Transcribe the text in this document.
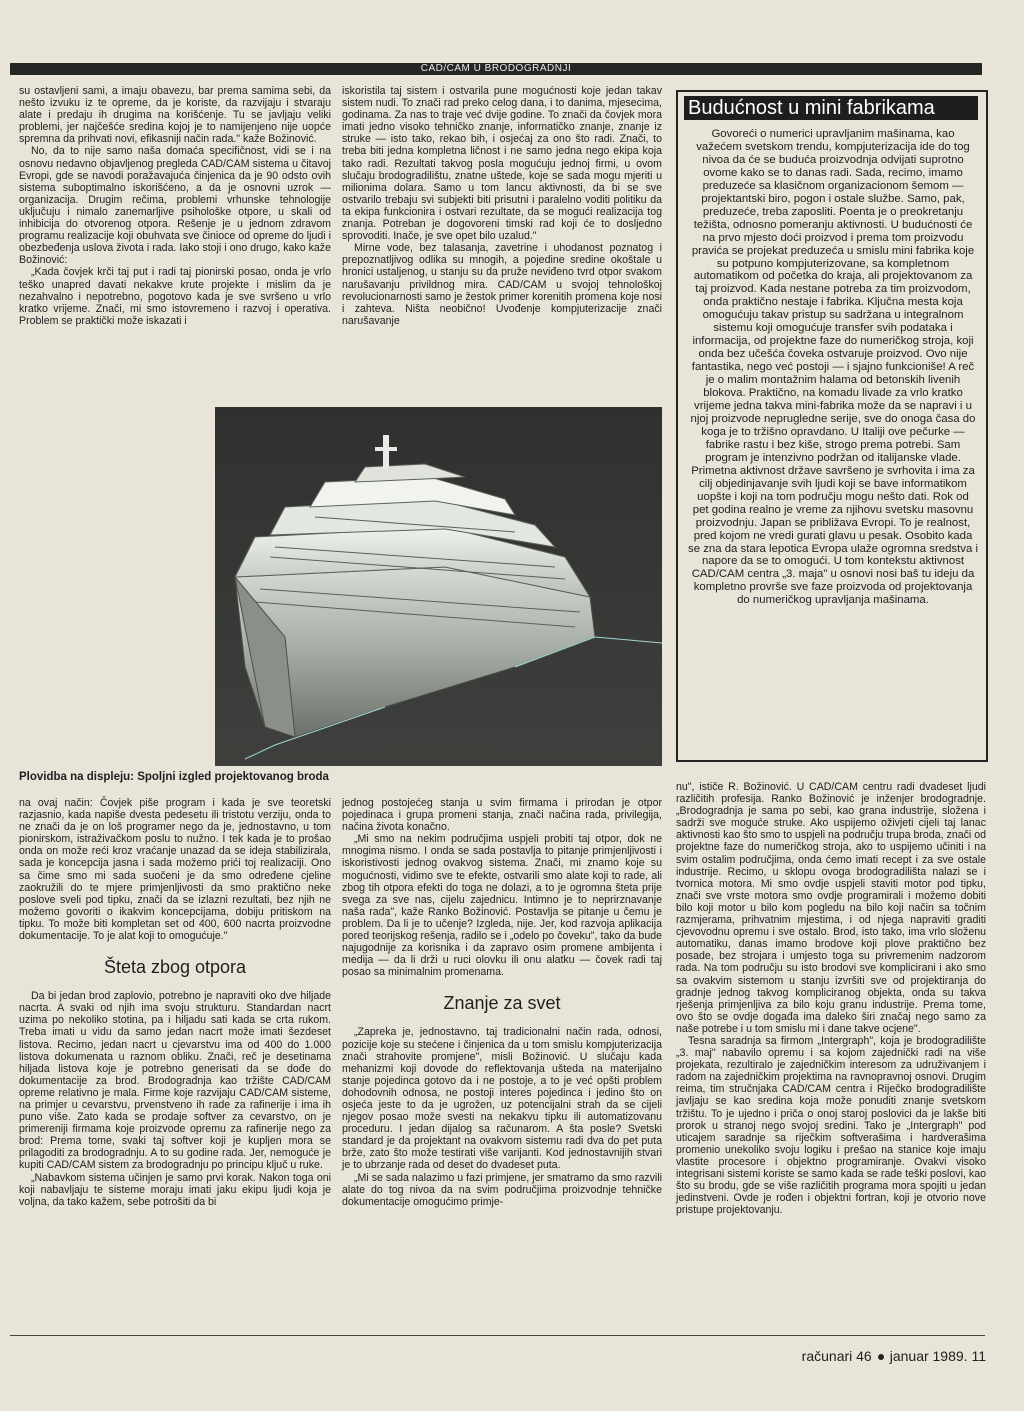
CAD/CAM U BRODOGRADNJI

su ostavljeni sami, a imaju obavezu, bar prema samima sebi, da nešto izvuku iz te opreme, da je koriste, da razvijaju i stvaraju alate i predaju ih drugima na korišćenje. Tu se javljaju veliki problemi, jer najčešće sredina kojoj je to namijenjeno nije uopće spremna da prihvati novi, efikasniji način rada." kaže Božinović.

No, da to nije samo naša domaća specifičnost, vidi se i na osnovu nedavno objavljenog pregleda CAD/CAM sistema u čitavoj Evropi, gde se navodi poražavajuća činjenica da je 90 odsto ovih sistema suboptimalno iskorišćeno, a da je osnovni uzrok — organizacija. Drugim rečima, problemi vrhunske tehnologije uključuju i nimalo zanemarljive psihološke otpore, u skali od inhibicija do otvorenog otpora. Rešenje je u jednom zdravom programu realizacije koji obuhvata sve činioce od opreme do ljudi i obezbeđenja uslova života i rada. Iako stoji i ono drugo, kako kaže Božinović:

„Kada čovjek krči taj put i radi taj pionirski posao, onda je vrlo teško unapred davati nekakve krute projekte i mislim da je nezahvalno i nepotrebno, pogotovo kada je sve svršeno u vrlo kratko vrijeme. Znači, mi smo istovremeno i razvoj i operativa. Problem se praktički može iskazati i

iskoristila taj sistem i ostvarila pune mogućnosti koje jedan takav sistem nudi. To znači rad preko celog dana, i to danima, mjesecima, godinama. Za nas to traje već dvije godine. To znači da čovjek mora imati jedno visoko tehničko znanje, informatičko znanje, znanje iz struke — isto tako, rekao bih, i osjećaj za ono što radi. Znači, to treba biti jedna kompletna ličnost i ne samo jedna nego ekipa koja tako radi. Rezultati takvog posla mogućuju jednoj firmi, u ovom slučaju brodogradilištu, znatne uštede, koje se sada mogu mjeriti u milionima dolara. Samo u tom lancu aktivnosti, da bi se sve ostvarilo trebaju svi subjekti biti prisutni i paralelno voditi politiku da ta ekipa funkcionira i ostvari rezultate, da se mogući realizacija tog znanja. Potreban je dogovoreni timski rad koji će to dosljedno sprovoditi. Inače, je sve opet bilo uzalud."

Mirne vode, bez talasanja, zavetrine i uhodanost poznatog i prepoznatljivog odlika su mnogih, a pojedine sredine okoštale u hronici ustaljenog, u stanju su da pruže neviđeno tvrd otpor svakom narušavanju privildnog mira. CAD/CAM u svojoj tehnološkoj revolucionarnosti samo je žestok primer korenitih promena koje nosi i zahteva. Ništa neobično! Uvođenje kompjuterizacije znači narušavanje

Budućnost u mini fabrikama

Govoreći o numerici upravljanim mašinama, kao važećem svetskom trendu, kompjuterizacija ide do tog nivoa da će se buduća proizvodnja odvijati suprotno ovome kako se to danas radi. Sada, recimo, imamo preduzeće sa klasičnom organizacionom šemom — projektantski biro, pogon i ostale službe. Samo, pak, preduzeće, treba zaposliti. Poenta je o preokretanju težišta, odnosno pomeranju aktivnosti. U budućnosti će na prvo mjesto doći proizvod i prema tom proizvodu pravića se projekat preduzeća u smislu mini fabrika koje su potpuno kompjuterizovane, sa kompletnom automatikom od početka do kraja, ali projektovanom za taj proizvod. Kada nestane potreba za tim proizvodom, onda praktično nestaje i fabrika. Ključna mesta koja omogućuju takav pristup su sadržana u integralnom sistemu koji omogućuje transfer svih podataka i informacija, od projektne faze do numeričkog stroja, koji onda bez učešća čoveka ostvaruje proizvod. Ovo nije fantastika, nego već postoji — i sjajno funkcioniše! A reč je o malim montažnim halama od betonskih livenih blokova. Praktično, na komadu livade za vrlo kratko vrijeme jedna takva mini-fabrika može da se napravi i u njoj proizvode neprugledne serije, sve do onoga časa do koga je to tržišno opravdano. U Italiji ove pečurke — fabrike rastu i bez kiše, strogo prema potrebi. Sam program je intenzivno podržan od italijanske vlade. Primetna aktivnost države savršeno je svrhovita i ima za cilj objedinjavanje svih ljudi koji se bave informatikom uopšte i koji na tom području mogu nešto dati. Rok od pet godina realno je vreme za njihovu svetsku masovnu proizvodnju. Japan se približava Evropi. To je realnost, pred kojom ne vredi gurati glavu u pesak. Osobito kada se zna da stara lepotica Evropa ulaže ogromna sredstva i napore da se to omogući. U tom kontekstu aktivnost CAD/CAM centra „3. maja" u osnovi nosi baš tu ideju da kompletno provrše sve faze proizvoda od projektovanja do numeričkog upravljanja mašinama.

Plovidba na displeju: Spoljni izgled projektovanog broda

na ovaj način: Čovjek piše program i kada je sve teoretski razjasnio, kada napiše dvesta pedesetu ili tristotu verziju, onda to ne znači da je on loš programer nego da je, jednostavno, u tom pionirskom, istraživačkom poslu to nužno. I tek kada je to prošao onda on može reći kroz vraćanje unazad da se ideja stabilizirala, sada je koncepcija jasna i sada možemo prići toj realizaciji. Ono sa čime smo mi sada suočeni je da smo određene cjeline zaokružili do te mjere primjenljivosti da smo praktično neke poslove sveli pod tipku, znači da se izlazni rezultati, bez njih ne možemo govoriti o ikakvim koncepcijama, dobiju pritiskom na tipku. To može biti kompletan set od 400, 600 nacrta proizvodne dokumentacije. To je alat koji to omogućuje."

Šteta zbog otpora

Da bi jedan brod zaplovio, potrebno je napraviti oko dve hiljade nacrta. A svaki od njih ima svoju strukturu. Standardan nacrt uzima po nekoliko stotina, pa i hiljadu sati kada se crta rukom. Treba imati u vidu da samo jedan nacrt može imati šezdeset listova. Recimo, jedan nacrt u cjevarstvu ima od 400 do 1.000 listova dokumenata u raznom obliku. Znači, reč je desetinama hiljada listova koje je potrebno generisati da se dođe do dokumentacije za brod. Brodogradnja kao tržište CAD/CAM opreme relativno je mala. Firme koje razvijaju CAD/CAM sisteme, na primjer u cevarstvu, prvenstveno ih rade za rafinerije i ima ih puno više. Zato kada se prodaje softver za cevarstvo, on je primereniji firmama koje proizvode opremu za rafinerije nego za brod: Prema tome, svaki taj softver koji je kupljen mora se prilagoditi za brodogradnju. A to su godine rada. Jer, nemoguće je kupiti CAD/CAM sistem za brodogradnju po principu ključ u ruke.

„Nabavkom sistema učinjen je samo prvi korak. Nakon toga oni koji nabavljaju te sisteme moraju imati jaku ekipu ljudi koja je voljna, da tako kažem, sebe potrošiti da bi

jednog postojećeg stanja u svim firmama i prirodan je otpor pojedinaca i grupa promeni stanja, znači načina rada, privilegija, načina života konačno.

„Mi smo na nekim područjima uspjeli probiti taj otpor, dok ne mnogima nismo. I onda se sada postavlja to pitanje primjenljivosti i iskoristivosti jednog ovakvog sistema. Znači, mi znamo koje su mogućnosti, vidimo sve te efekte, ostvarili smo alate koji to rade, ali zbog tih otpora efekti do toga ne dolazi, a to je ogromna šteta prije svega za sve nas, cijelu zajednicu. Intimno je to neprirznavanje naša rada", kaže Ranko Božinović. Postavlja se pitanje u čemu je problem. Da li je to učenje? Izgleda, nije. Jer, kod razvoja aplikacija pored teorijskog rešenja, radilo se i „odelo po čoveku", tako da bude najugodnije za korisnika i da zapravo osim promene ambijenta i medija — da li drži u ruci olovku ili onu alatku — čovek radi taj posao sa minimalnim promenama.

Znanje za svet

„Zapreka je, jednostavno, taj tradicionalni način rada, odnosi, pozicije koje su stećene i činjenica da u tom smislu kompjuterizacija znači strahovite promjene", misli Božinović. U slučaju kada mehanizmi koji dovode do reflektovanja ušteda na materijalno stanje pojedinca gotovo da i ne postoje, a to je već opšti problem dohodovnih odnosa, ne postoji interes pojedinca i jedino što on osjeća jeste to da je ugrožen, uz potencijalni strah da se cijeli njegov posao može svesti na nekakvu tipku ili automatizovanu proceduru. I jedan dijalog sa računarom. A šta posle? Svetski standard je da projektant na ovakvom sistemu radi dva do pet puta brže, zato što može testirati više varijanti. Kod jednostavnijih stvari je to ubrzanje rada od deset do dvadeset puta.

„Mi se sada nalazimo u fazi primjene, jer smatramo da smo razvili alate do tog nivoa da na svim područjima proizvodnje tehničke dokumentacije omogućimo primje-

nu", ističe R. Božinović. U CAD/CAM centru radi dvadeset ljudi različitih profesija. Ranko Božinović je inženjer brodogradnje. „Brodogradnja je sama po sebi, kao grana industrije, složena i sadrži sve moguće struke. Ako uspijemo oživjeti cijeli taj lanac aktivnosti kao što smo to uspjeli na području trupa broda, znači od projektne faze do numeričkog stroja, ako to uspijemo učiniti i na svim ostalim područjima, onda ćemo imati recept i za sve ostale industrije. Recimo, u sklopu ovoga brodogradilišta nalazi se i tvornica motora. Mi smo ovdje uspjeli staviti motor pod tipku, znači sve vrste motora smo ovdje programirali i možemo dobiti bilo koji motor u bilo kom pogledu na bilo koji način sa točnim razmjerama, prihvatnim mjestima, i od njega napraviti graditi cjevovodnu opremu i sve ostalo. Brod, isto tako, ima vrlo složenu automatiku, danas imamo brodove koji plove praktično bez posade, bez strojara i umjesto toga su privremenim nadzorom rada. Na tom području su isto brodovi sve komplicirani i ako smo sa ovakvim sistemom u stanju izvršiti sve od projektiranja do gradnje jednog takvog kompliciranog objekta, onda su takva rješenja primjenljiva za bilo koju granu industrije. Prema tome, ovo što se ovdje događa ima daleko širi značaj nego samo za naše potrebe i u tom smislu mi i dane takve ocjene".

Tesna saradnja sa firmom „Intergraph", koja je brodogradilište „3. maj" nabavilo opremu i sa kojom zajednički radi na više projekata, rezultiralo je zajedničkim interesom za udruživanjem i radom na zajedničkim projektima na ravnopravnoj osnovi. Drugim reima, tim stručnjaka CAD/CAM centra i Riječko brodogradilište javljaju se kao sredina koja može ponuditi znanje svetskom tržištu. To je ujedno i priča o onoj staroj poslovici da je lakše biti prorok u stranoj nego svojoj sredini. Tako je „Intergraph" pod uticajem saradnje sa riječkim softverašima i hardverašima promenio unekoliko svoju logiku i prešao na stanice koje imaju vlastite procesore i objektno programiranje. Ovakvi visoko integrisani sistemi koriste se samo kada se rade teški poslovi, kao što su brodu, gde se više različitih programa mora spojiti u jedan jedinstveni. Ovde je rođen i objektni fortran, koji je otvorio nove pristupe projektovanju.

računari 46 januar 1989. 11
